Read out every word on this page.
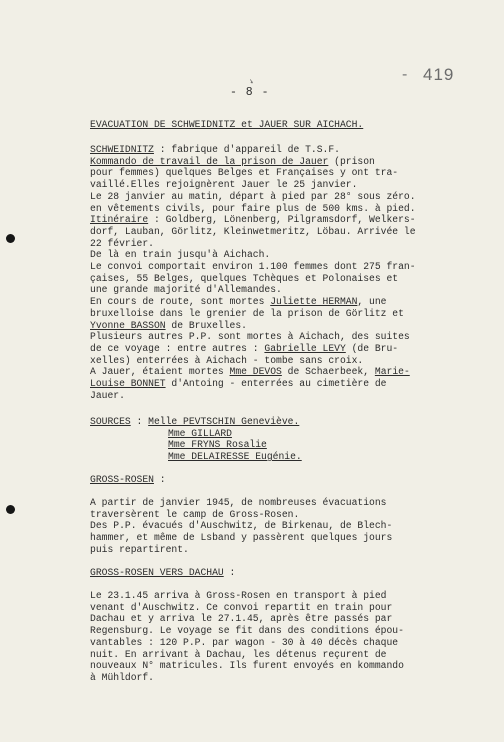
- 419
↘
- 8 -

EVACUATION DE SCHWEIDNITZ et JAUER SUR AICHACH.

SCHWEIDNITZ : fabrique d'appareil de T.S.F.

Kommando de travail de la prison de Jauer (prison

pour femmes) quelques Belges et Françaises y ont tra-

vaillé.Elles rejoignèrent Jauer le 25 janvier.

Le 28 janvier au matin, départ à pied par 28° sous zéro.

en vêtements civils, pour faire plus de 500 kms. à pied.

Itinéraire : Goldberg, Lönenberg, Pilgramsdorf, Welkers-

dorf, Lauban, Görlitz, Kleinwetmeritz, Löbau. Arrivée le

22 février.

De là en train jusqu'à Aichach.

Le convoi comportait environ 1.100 femmes dont 275 fran-

çaises, 55 Belges, quelques Tchèques et Polonaises et

une grande majorité d'Allemandes.

En cours de route, sont mortes Juliette HERMAN, une

bruxelloise dans le grenier de la prison de Görlitz et

Yvonne BASSON de Bruxelles.

Plusieurs autres P.P. sont mortes à Aichach, des suites

de ce voyage : entre autres : Gabrielle LEVY (de Bru-

xelles) enterrées à Aichach - tombe sans croix.

A Jauer, étaient mortes Mme DEVOS de Schaerbeek, Marie-

Louise BONNET d'Antoing - enterrées au cimetière de

Jauer.

SOURCES : Melle PEVTSCHIN Geneviève.

Mme GILLARD

Mme FRYNS Rosalie

Mme DELAIRESSE Eugénie.

GROSS-ROSEN :

A partir de janvier 1945, de nombreuses évacuations

traversèrent le camp de Gross-Rosen.

Des P.P. évacués d'Auschwitz, de Birkenau, de Blech-

hammer, et même de Lsband y passèrent quelques jours

puis repartirent.

GROSS-ROSEN VERS DACHAU :

Le 23.1.45 arriva à Gross-Rosen en transport à pied

venant d'Auschwitz. Ce convoi repartit en train pour

Dachau et y arriva le 27.1.45, après être passés par

Regensburg. Le voyage se fit dans des conditions épou-

vantables : 120 P.P. par wagon - 30 à 40 décès chaque

nuit. En arrivant à Dachau, les détenus reçurent de

nouveaux N° matricules. Ils furent envoyés en kommando

à Mühldorf.
